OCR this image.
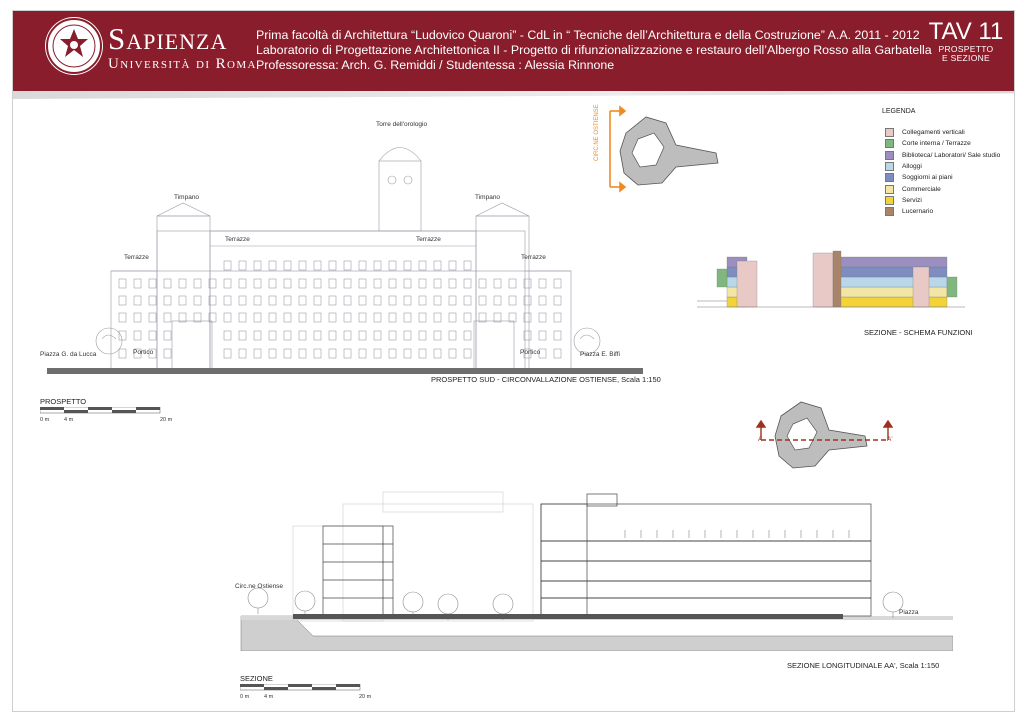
Sapienza
Università di Roma
Prima facoltà di Architettura “Ludovico Quaroni” - CdL in “ Tecniche dell’Architettura e della Costruzione” A.A. 2011 - 2012
Laboratorio di Progettazione Architettonica II - Progetto di rifunzionalizzazione e restauro dell’Albergo Rosso alla Garbatella
Professoressa: Arch. G. Remiddi / Studentessa : Alessia Rinnone
TAV 11
PROSPETTO
E SEZIONE
Torre dell'orologio
Timpano	Timpano
Terrazze
Terrazze	Terrazze
Terrazze
Portico	Portico
Piazza G. da Lucca	Piazza E. Biffi
PROSPETTO SUD - CIRCONVALLAZIONE OSTIENSE, Scala 1:150
CIRC.NE OSTIENSE	LEGENDA
Collegamenti verticali
Corte interna / Terrazze
Biblioteca/ Laboratori/ Sale studio
Alloggi
Soggiorni ai piani
Commerciale
Servizi
Lucernario
SEZIONE - SCHEMA FUNZIONI
PROSPETTO
0 m	4 m	20 m
A	A'
Circ.ne Ostiense
Piazza
SEZIONE LONGITUDINALE AA', Scala 1:150
SEZIONE
0 m	4 m	20 m
